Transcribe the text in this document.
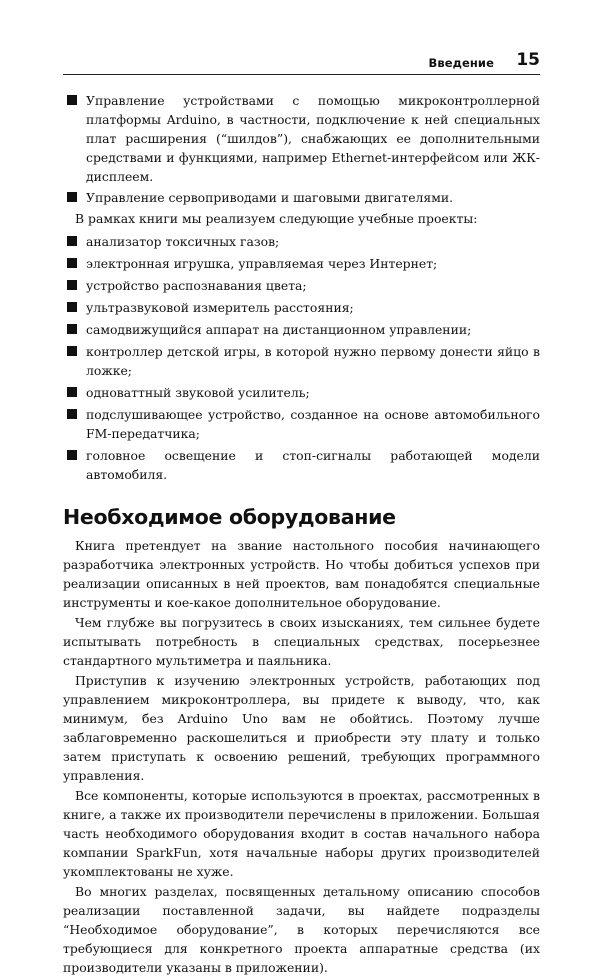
Введение 15
Управление устройствами с помощью микроконтроллерной платформы Arduino, в частности, подключение к ней специальных плат расширения (“шилдов”), снабжающих ее дополнительными средствами и функциями, например Ethernet-интерфейсом или ЖК-дисплеем.
Управление сервоприводами и шаговыми двигателями.

В рамках книги мы реализуем следующие учебные проекты:

анализатор токсичных газов;
электронная игрушка, управляемая через Интернет;
устройство распознавания цвета;
ультразвуковой измеритель расстояния;
самодвижущийся аппарат на дистанционном управлении;
контроллер детской игры, в которой нужно первому донести яйцо в ложке;
одноваттный звуковой усилитель;
подслушивающее устройство, созданное на основе автомобильного FM-передатчика;
головное освещение и стоп-сигналы работающей модели автомобиля.
Необходимое оборудование

Книга претендует на звание настольного пособия начинающего разработчика электронных устройств. Но чтобы добиться успехов при реализации описанных в ней проектов, вам понадобятся специальные инструменты и кое-какое дополнительное оборудование.

Чем глубже вы погрузитесь в своих изысканиях, тем сильнее будете испытывать потребность в специальных средствах, посерьезнее стандартного мультиметра и паяльника.

Приступив к изучению электронных устройств, работающих под управлением микроконтроллера, вы придете к выводу, что, как минимум, без Arduino Uno вам не обойтись. Поэтому лучше заблаговременно раскошелиться и приобрести эту плату и только затем приступать к освоению решений, требующих программного управления.

Все компоненты, которые используются в проектах, рассмотренных в книге, а также их производители перечислены в приложении. Большая часть необходимого оборудования входит в состав начального набора компании SparkFun, хотя начальные наборы других производителей укомплектованы не хуже.

Во многих разделах, посвященных детальному описанию способов реализации поставленной задачи, вы найдете подразделы “Необходимое оборудование”, в которых перечисляются все требующиеся для конкретного проекта аппаратные средства (их производители указаны в приложении).
